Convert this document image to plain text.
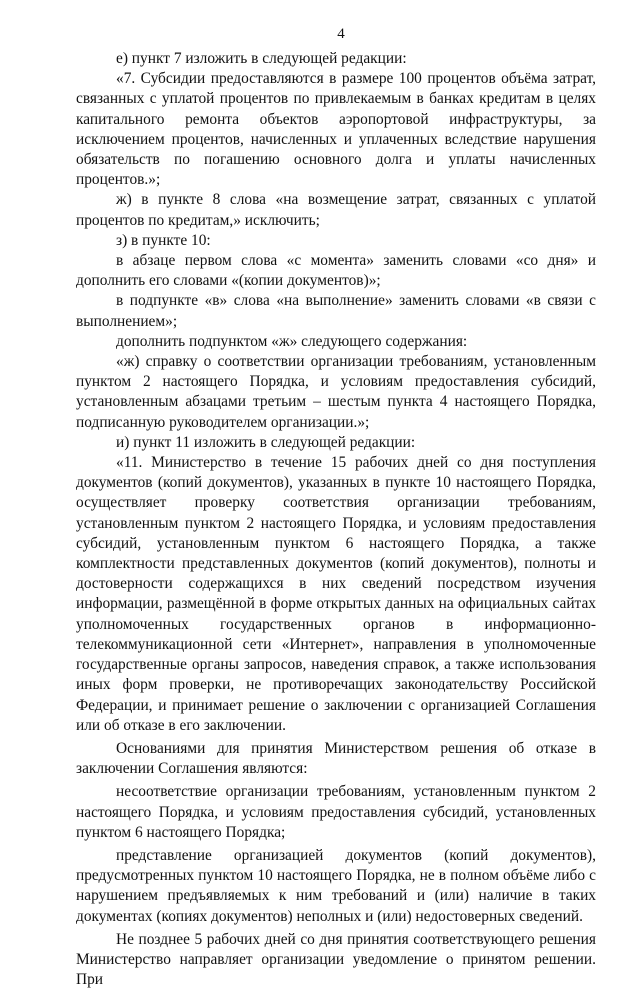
4

е) пункт 7 изложить в следующей редакции:

«7. Субсидии предоставляются в размере 100 процентов объёма затрат, связанных с уплатой процентов по привлекаемым в банках кредитам в целях капитального ремонта объектов аэропортовой инфраструктуры, за исключением процентов, начисленных и уплаченных вследствие нарушения обязательств по погашению основного долга и уплаты начисленных процентов.»;

ж) в пункте 8 слова «на возмещение затрат, связанных с уплатой процентов по кредитам,» исключить;

з) в пункте 10:

в абзаце первом слова «с момента» заменить словами «со дня» и дополнить его словами «(копии документов)»;

в подпункте «в» слова «на выполнение» заменить словами «в связи с выполнением»;

дополнить подпунктом «ж» следующего содержания:

«ж) справку о соответствии организации требованиям, установленным пунктом 2 настоящего Порядка, и условиям предоставления субсидий, установленным абзацами третьим – шестым пункта 4 настоящего Порядка, подписанную руководителем организации.»;

и) пункт 11 изложить в следующей редакции:

«11. Министерство в течение 15 рабочих дней со дня поступления документов (копий документов), указанных в пункте 10 настоящего Порядка, осуществляет проверку соответствия организации требованиям, установленным пунктом 2 настоящего Порядка, и условиям предоставления субсидий, установленным пунктом 6 настоящего Порядка, а также комплектности представленных документов (копий документов), полноты и достоверности содержащихся в них сведений посредством изучения информации, размещённой в форме открытых данных на официальных сайтах уполномоченных государственных органов в информационно-телекоммуникационной сети «Интернет», направления в уполномоченные государственные органы запросов, наведения справок, а также использования иных форм проверки, не противоречащих законодательству Российской Федерации, и принимает решение о заключении с организацией Соглашения или об отказе в его заключении.

Основаниями для принятия Министерством решения об отказе в заключении Соглашения являются:

несоответствие организации требованиям, установленным пунктом 2 настоящего Порядка, и условиям предоставления субсидий, установленных пунктом 6 настоящего Порядка;

представление организацией документов (копий документов), предусмотренных пунктом 10 настоящего Порядка, не в полном объёме либо с нарушением предъявляемых к ним требований и (или) наличие в таких документах (копиях документов) неполных и (или) недостоверных сведений.

Не позднее 5 рабочих дней со дня принятия соответствующего решения Министерство направляет организации уведомление о принятом решении. При
